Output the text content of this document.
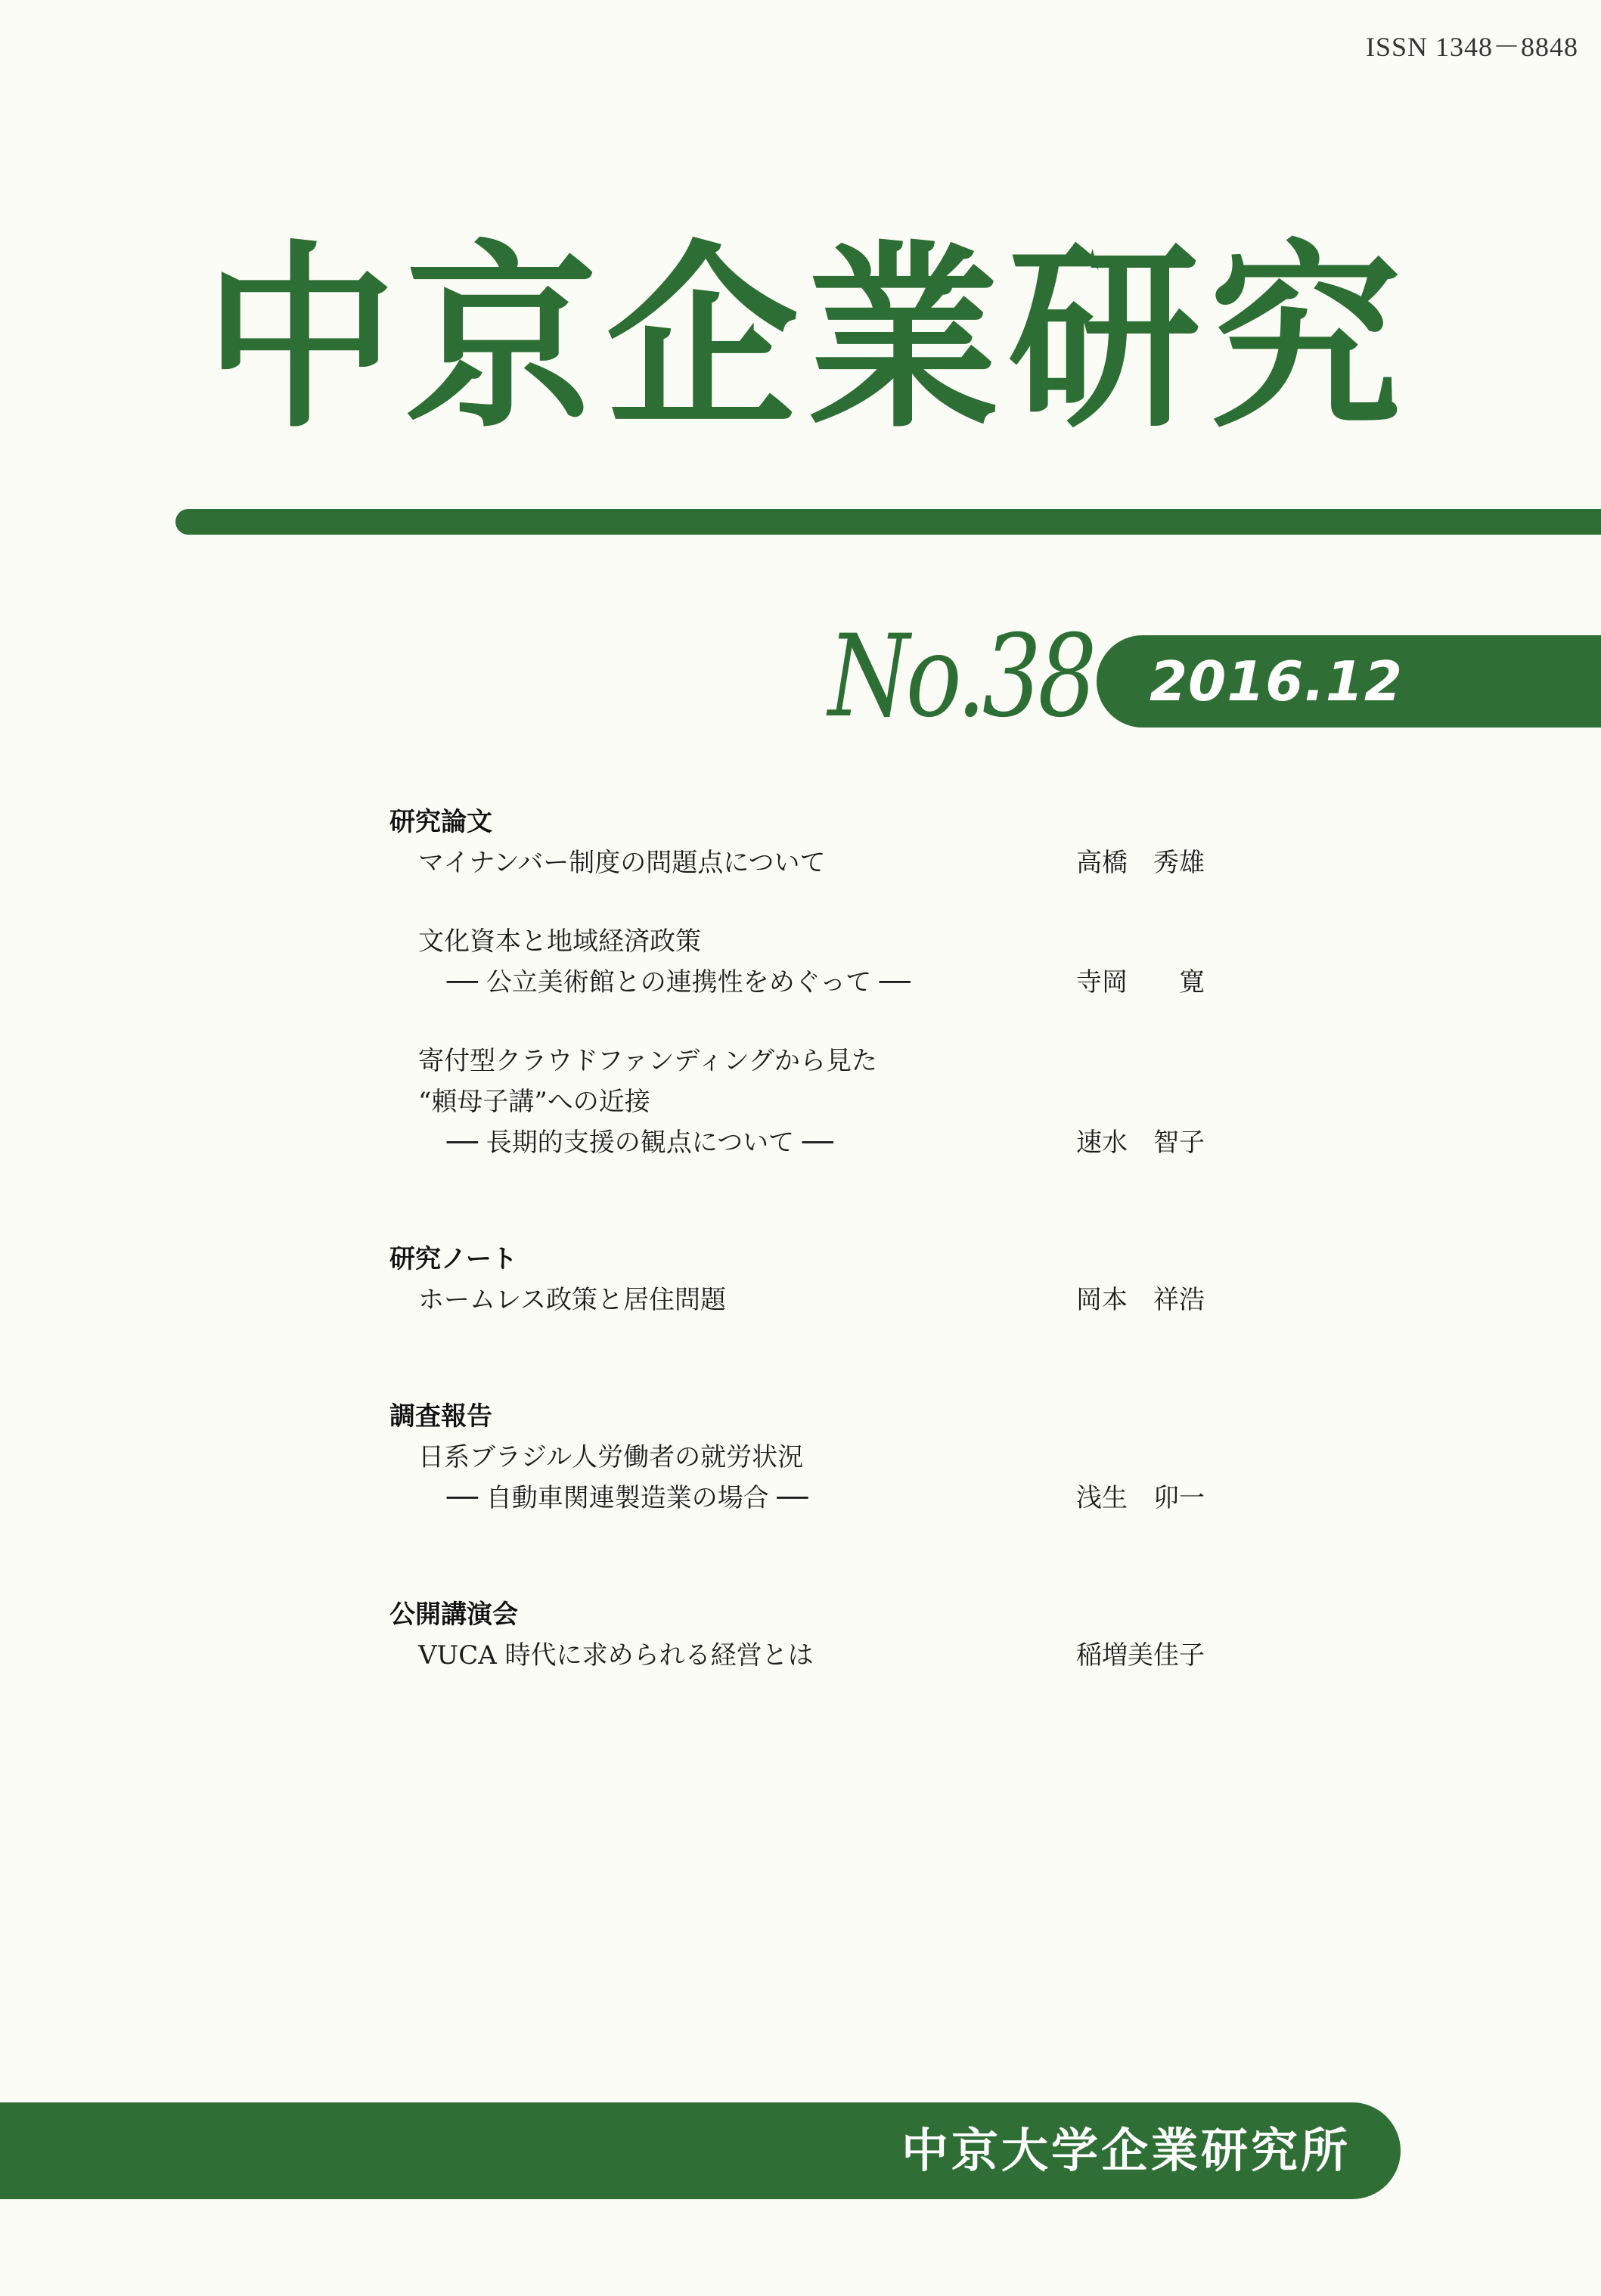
ISSN 1348－8848
中京企業研究
No.38	2016.12
研究論文
マイナンバー制度の問題点について	高橋　秀雄
文化資本と地域経済政策
── 公立美術館との連携性をめぐって ──	寺岡　　寛
寄付型クラウドファンディングから見た
“頼母子講”への近接
── 長期的支援の観点について ──	速水　智子
研究ノート
ホームレス政策と居住問題	岡本　祥浩
調査報告
日系ブラジル人労働者の就労状況
── 自動車関連製造業の場合 ──	浅生　卯一
公開講演会
VUCA 時代に求められる経営とは	稲増美佳子
中京大学企業研究所
